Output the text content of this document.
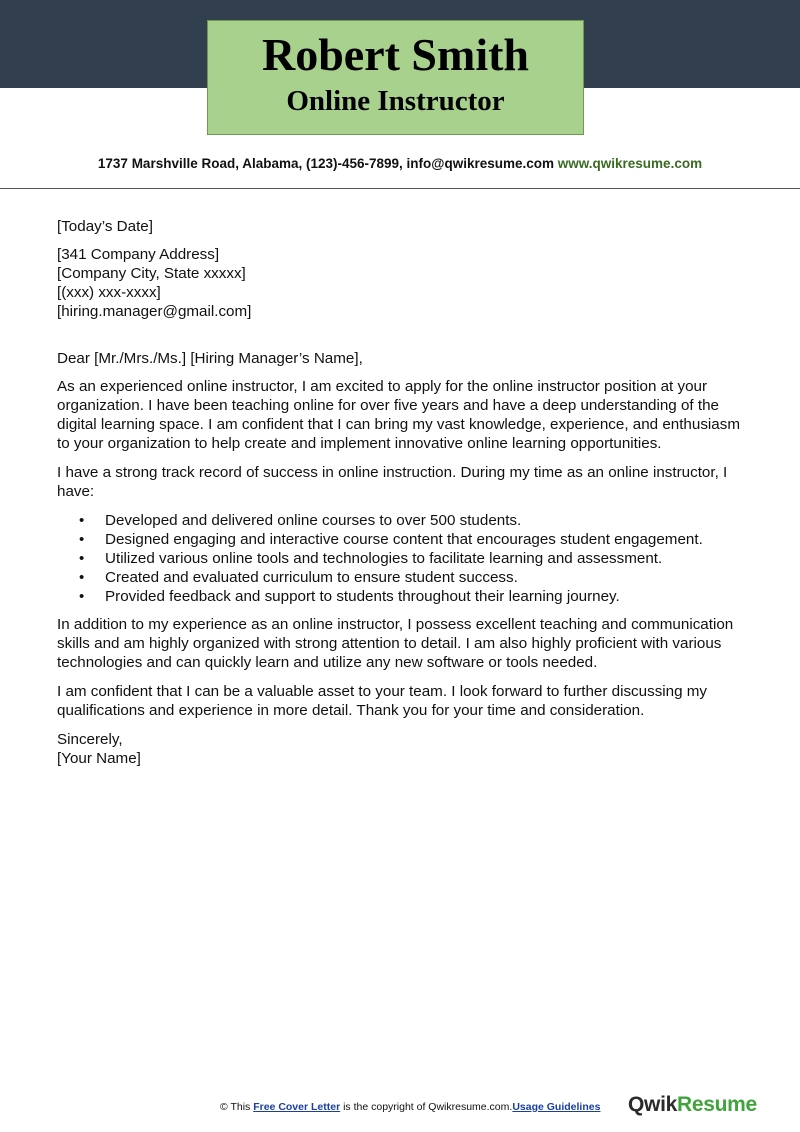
Robert Smith
Online Instructor
1737 Marshville Road, Alabama, (123)-456-7899, info@qwikresume.com www.qwikresume.com

[Today’s Date]

[341 Company Address]

[Company City, State xxxxx]

[(xxx) xxx-xxxx]

[hiring.manager@gmail.com]

Dear [Mr./Mrs./Ms.] [Hiring Manager’s Name],

As an experienced online instructor, I am excited to apply for the online instructor position at your organization. I have been teaching online for over five years and have a deep understanding of the digital learning space. I am confident that I can bring my vast knowledge, experience, and enthusiasm to your organization to help create and implement innovative online learning opportunities.

I have a strong track record of success in online instruction. During my time as an online instructor, I have:

• Developed and delivered online courses to over 500 students.
• Designed engaging and interactive course content that encourages student engagement.
• Utilized various online tools and technologies to facilitate learning and assessment.
• Created and evaluated curriculum to ensure student success.
• Provided feedback and support to students throughout their learning journey.

In addition to my experience as an online instructor, I possess excellent teaching and communication skills and am highly organized with strong attention to detail. I am also highly proficient with various technologies and can quickly learn and utilize any new software or tools needed.

I am confident that I can be a valuable asset to your team. I look forward to further discussing my qualifications and experience in more detail. Thank you for your time and consideration.

Sincerely,

[Your Name]

© This Free Cover Letter is the copyright of Qwikresume.com.Usage Guidelines QwikResume
